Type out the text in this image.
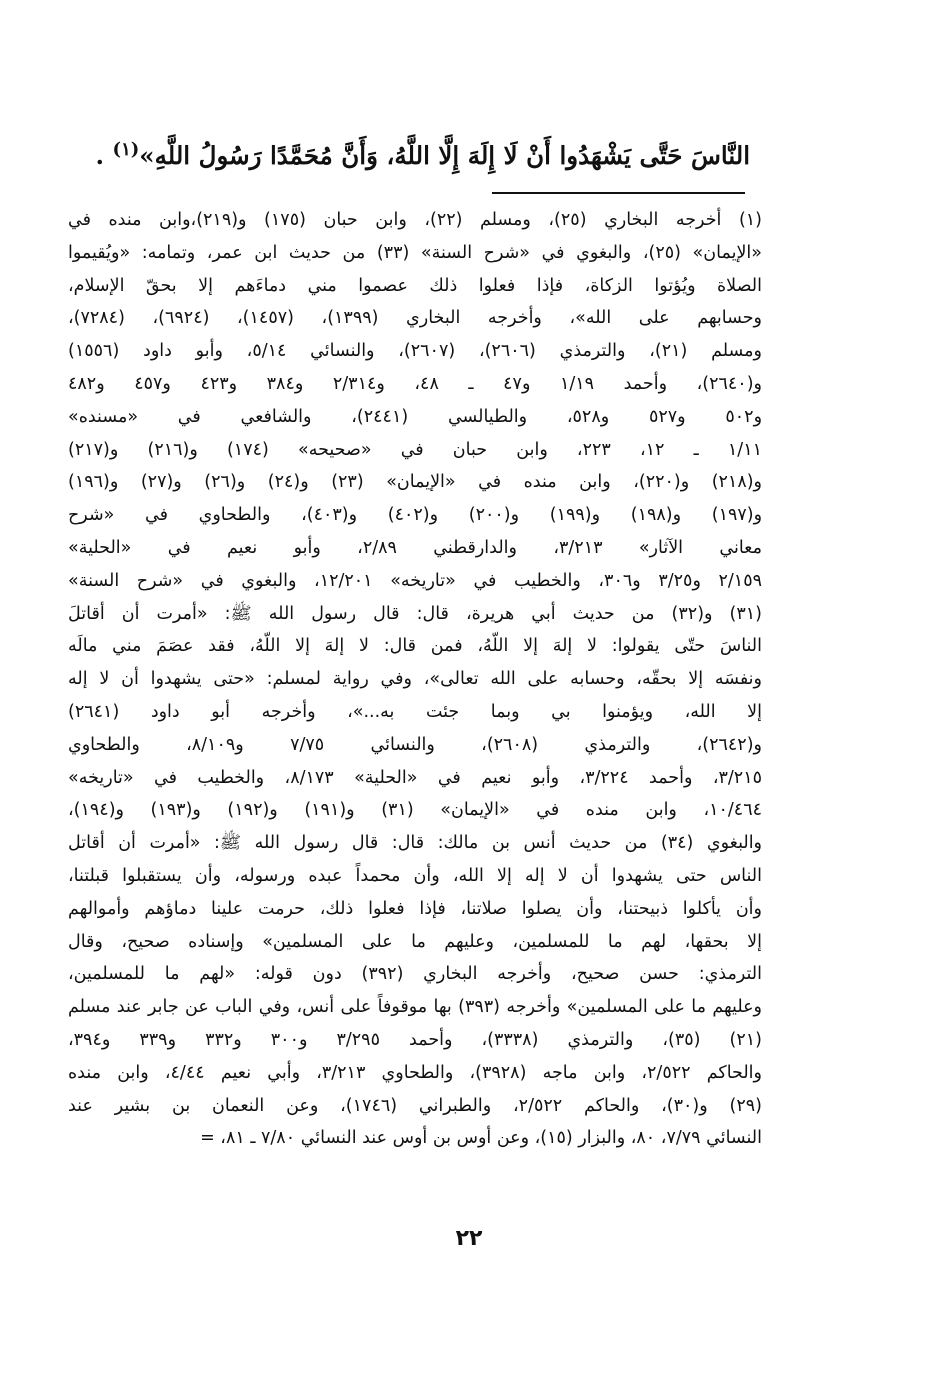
النَّاسَ حَتَّى يَشْهَدُوا أَنْ لَا إِلَهَ إِلَّا اللَّهُ، وَأَنَّ مُحَمَّدًا رَسُولُ اللَّهِ»$^{(١)}$ .
(١) أخرجه البخاري (٢٥)، ومسلم (٢٢)، وابن حبان (١٧٥) و(٢١٩)،وابن منده في
«الإيمان» (٢٥)، والبغوي في «شرح السنة» (٣٣) من حديث ابن عمر، وتمامه: «ويُقيموا
الصلاة ويُؤتوا الزكاة، فإذا فعلوا ذلك عصموا مني دماءَهم إلا بحقّ الإسلام،
وحسابهم على الله»، وأخرجه البخاري (١٣٩٩)، (١٤٥٧)، (٦٩٢٤)، (٧٢٨٤)،
ومسلم (٢١)، والترمذي (٢٦٠٦)، (٢٦٠٧)، والنسائي ٥/١٤، وأبو داود (١٥٥٦)
و(٢٦٤٠)، وأحمد ١/١٩ و٤٧ ـ ٤٨، و٢/٣١٤ و٣٨٤ و٤٢٣ و٤٥٧ و٤٨٢
و٥٠٢ و٥٢٧ و٥٢٨، والطيالسي (٢٤٤١)، والشافعي في «مسنده»
١/١١ ـ ١٢، ٢٢٣، وابن حبان في «صحيحه» (١٧٤) و(٢١٦) و(٢١٧)
و(٢١٨) و(٢٢٠)، وابن منده في «الإيمان» (٢٣) و(٢٤) و(٢٦) و(٢٧) و(١٩٦)
و(١٩٧) و(١٩٨) و(١٩٩) و(٢٠٠) و(٤٠٢) و(٤٠٣)، والطحاوي في «شرح
معاني الآثار» ٣/٢١٣، والدارقطني ٢/٨٩، وأبو نعيم في «الحلية»
٢/١٥٩ و٣/٢٥ و٣٠٦، والخطيب في «تاريخه» ١٢/٢٠١، والبغوي في «شرح السنة»
(٣١) و(٣٢) من حديث أبي هريرة، قال: قال رسول الله ﷺ: «أمرت أن أقاتلَ
الناسَ حتّى يقولوا: لا إلهَ إلا اللّهُ، فمن قال: لا إلهَ إلا اللّهُ، فقد عصَمَ مني مالَه
ونفسَه إلا بحقّه، وحسابه على الله تعالى»، وفي رواية لمسلم: «حتى يشهدوا أن لا إله
إلا الله، ويؤمنوا بي وبما جئت به...»، وأخرجه أبو داود (٢٦٤١)
و(٢٦٤٢)، والترمذي (٢٦٠٨)، والنسائي ٧/٧٥ و٨/١٠٩، والطحاوي
٣/٢١٥، وأحمد ٣/٢٢٤، وأبو نعيم في «الحلية» ٨/١٧٣، والخطيب في «تاريخه»
١٠/٤٦٤، وابن منده في «الإيمان» (٣١) و(١٩١) و(١٩٢) و(١٩٣) و(١٩٤)،
والبغوي (٣٤) من حديث أنس بن مالك: قال: قال رسول الله ﷺ: «أمرت أن أقاتل
الناس حتى يشهدوا أن لا إله إلا الله، وأن محمداً عبده ورسوله، وأن يستقبلوا قبلتنا،
وأن يأكلوا ذبيحتنا، وأن يصلوا صلاتنا، فإذا فعلوا ذلك، حرمت علينا دماؤهم وأموالهم
إلا بحقها، لهم ما للمسلمين، وعليهم ما على المسلمين» وإسناده صحيح، وقال
الترمذي: حسن صحيح، وأخرجه البخاري (٣٩٢) دون قوله: «لهم ما للمسلمين،
وعليهم ما على المسلمين» وأخرجه (٣٩٣) بها موقوفاً على أنس، وفي الباب عن جابر عند مسلم
(٢١) (٣٥)، والترمذي (٣٣٣٨)، وأحمد ٣/٢٩٥ و٣٠٠ و٣٣٢ و٣٣٩ و٣٩٤،
والحاكم ٢/٥٢٢، وابن ماجه (٣٩٢٨)، والطحاوي ٣/٢١٣، وأبي نعيم ٤/٤٤، وابن منده
(٢٩) و(٣٠)، والحاكم ٢/٥٢٢، والطبراني (١٧٤٦)، وعن النعمان بن بشير عند
النسائي ٧/٧٩، ٨٠، والبزار (١٥)، وعن أوس بن أوس عند النسائي ٧/٨٠ ـ ٨١، =
٢٢
